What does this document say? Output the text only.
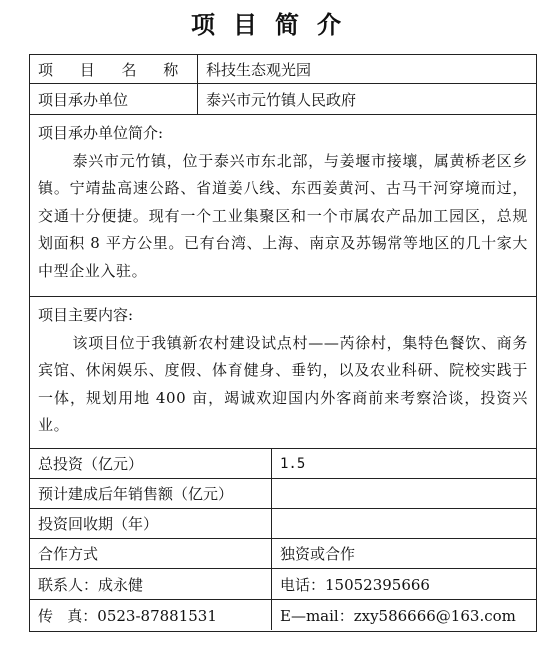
项目简介
项 目 名 称	科技生态观光园
项目承办单位	泰兴市元竹镇人民政府
项目承办单位简介:
泰兴市元竹镇，位于泰兴市东北部，与姜堰市接壤，属黄桥老区乡镇。宁靖盐高速公路、省道姜八线、东西姜黄河、古马干河穿境而过，交通十分便捷。现有一个工业集聚区和一个市属农产品加工园区，总规划面积 8 平方公里。已有台湾、上海、南京及苏锡常等地区的几十家大中型企业入驻。
项目主要内容:
该项目位于我镇新农村建设试点村——芮徐村，集特色餐饮、商务宾馆、休闲娱乐、度假、体育健身、垂钓，以及农业科研、院校实践于一体，规划用地 400 亩，竭诚欢迎国内外客商前来考察洽谈，投资兴业。
总投资（亿元）	1.5
预计建成后年销售额（亿元）
投资回收期（年）
合作方式	独资或合作
联系人：成永健	电话：15052395666
传   真：0523-87881531	E—mail：zxy586666@163.com
